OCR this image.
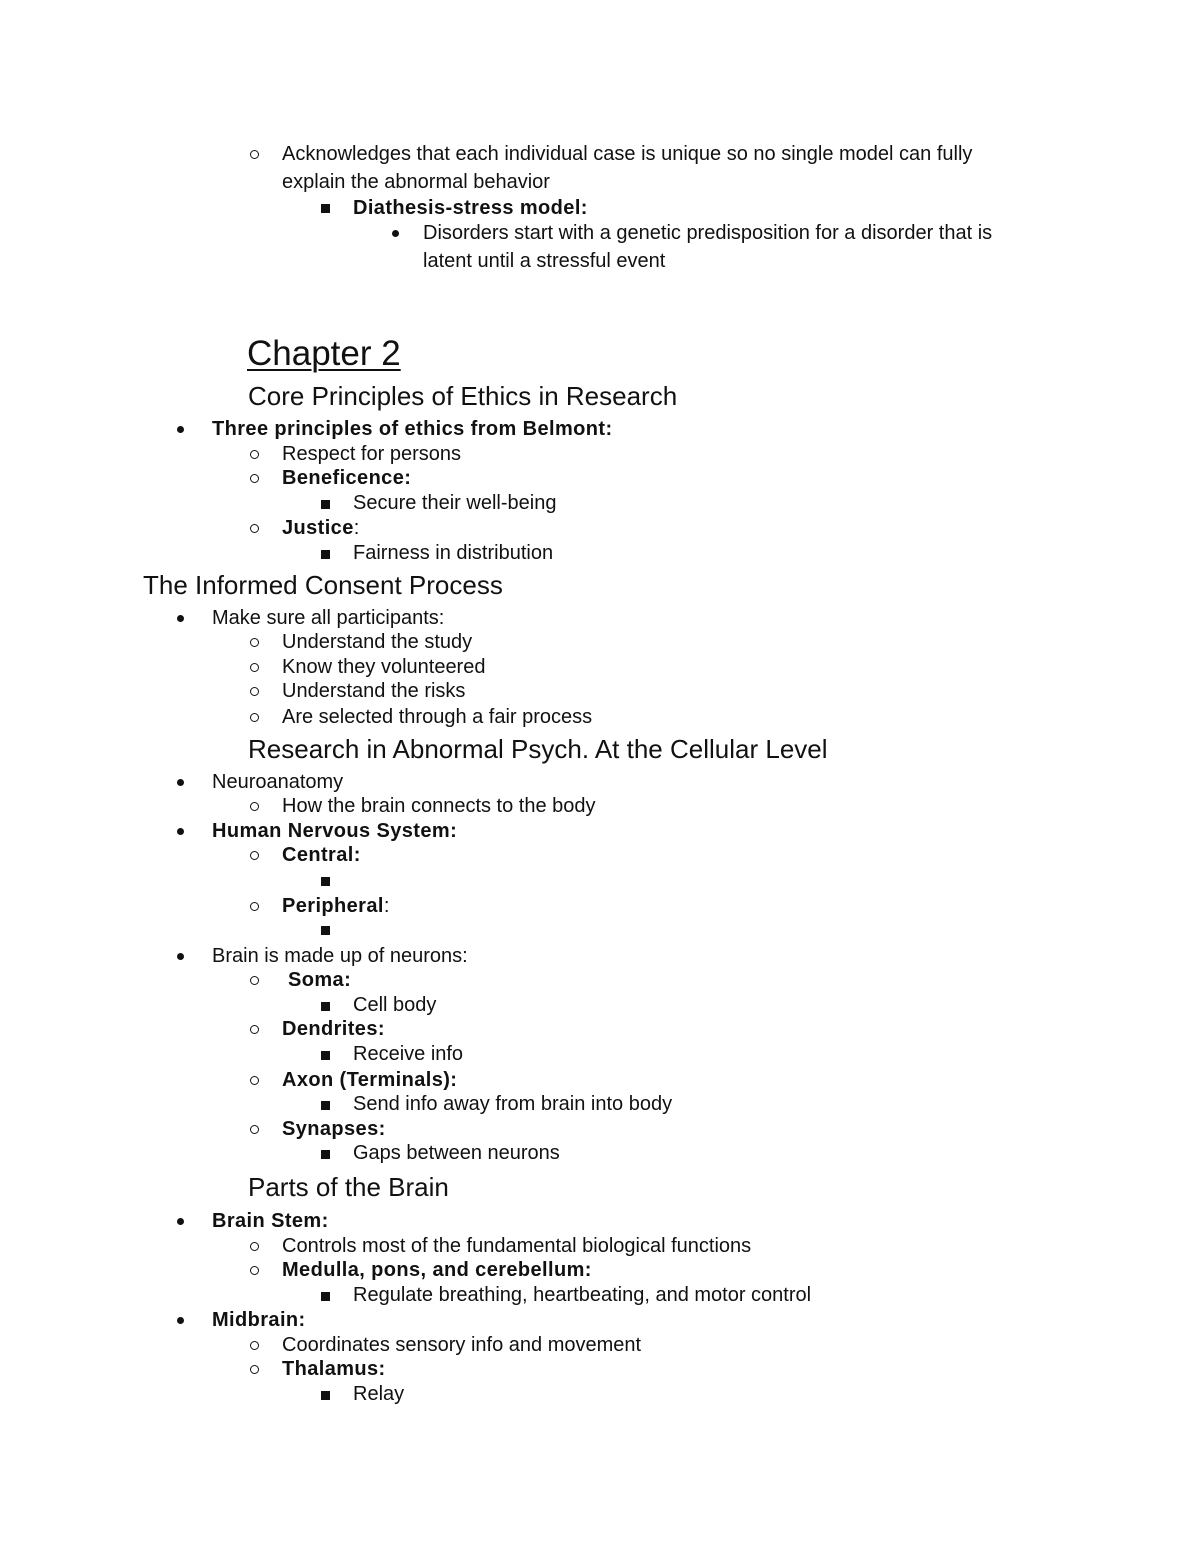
Acknowledges that each individual case is unique so no single model can fully
explain the abnormal behavior
Diathesis-stress model:
Disorders start with a genetic predisposition for a disorder that is
latent until a stressful event
Chapter 2
Core Principles of Ethics in Research
Three principles of ethics from Belmont:
Respect for persons
Beneficence:
Secure their well-being
Justice:
Fairness in distribution
The Informed Consent Process
Make sure all participants:
Understand the study
Know they volunteered
Understand the risks
Are selected through a fair process
Research in Abnormal Psych. At the Cellular Level
Neuroanatomy
How the brain connects to the body
Human Nervous System:
Central:
Peripheral:
Brain is made up of neurons:
Soma:
Cell body
Dendrites:
Receive info
Axon (Terminals):
Send info away from brain into body
Synapses:
Gaps between neurons
Parts of the Brain
Brain Stem:
Controls most of the fundamental biological functions
Medulla, pons, and cerebellum:
Regulate breathing, heartbeating, and motor control
Midbrain:
Coordinates sensory info and movement
Thalamus:
Relay
